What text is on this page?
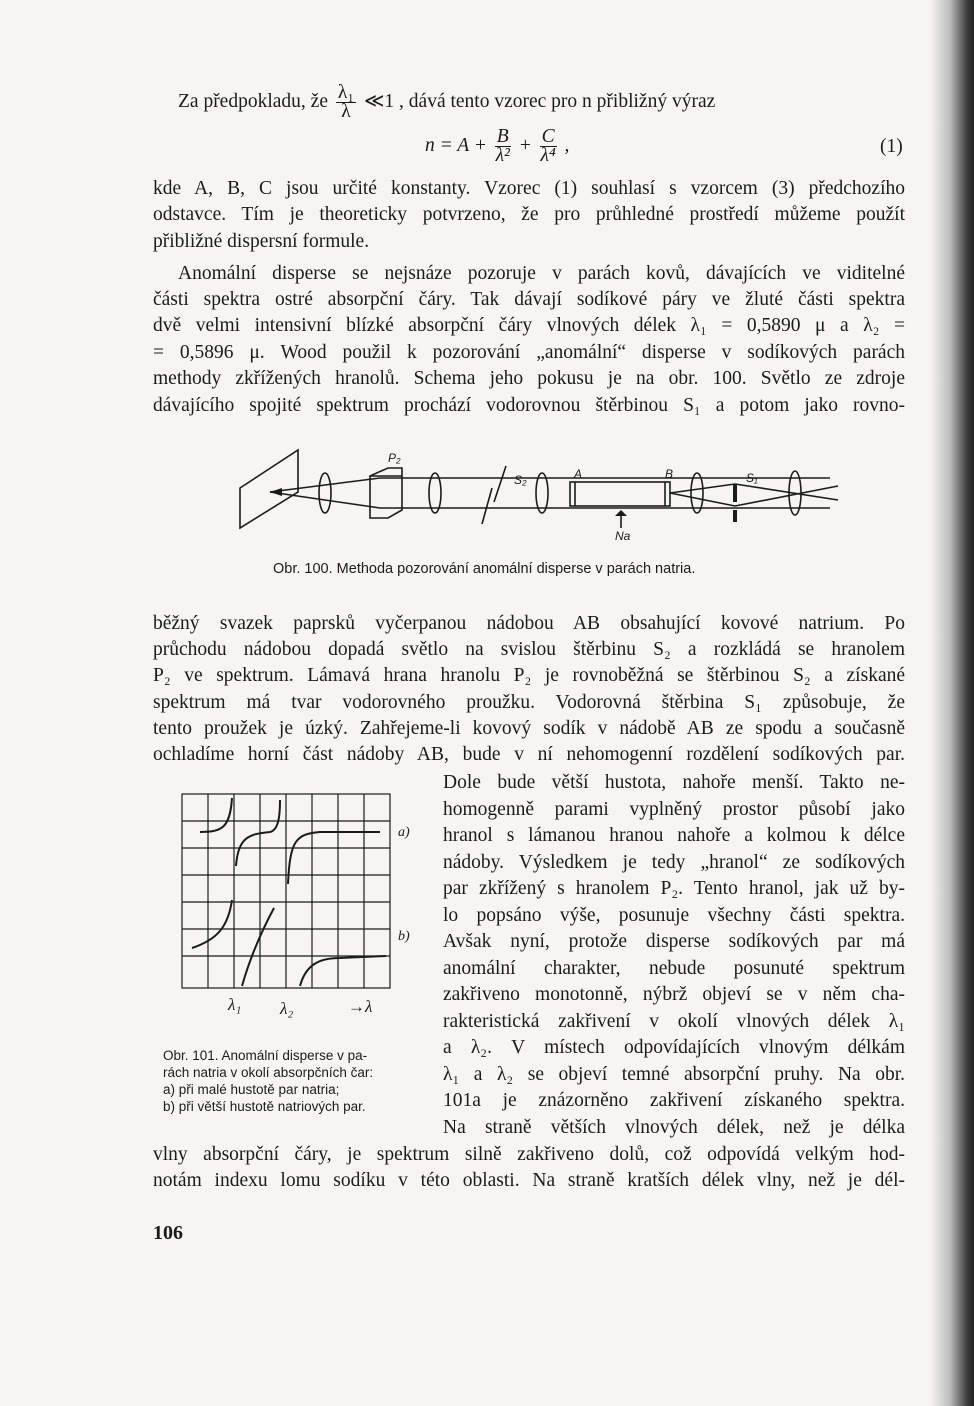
Za předpokladu, že $\frac{\text{λ₁}}{\lambda}$ ≪1 , dává tento vzorec pro n přibližný výraz
$n = A + \frac{B}{\text{λ²}} + \frac{C}{\text{λ⁴}}$ ,	(1)
kde A, B, C jsou určité konstanty. Vzorec (1) souhlasí s vzorcem (3) předchozího
odstavce. Tím je theoreticky potvrzeno, že pro průhledné prostředí můžeme použít
přibližné dispersní formule.
Anomální disperse se nejsnáze pozoruje v parách kovů, dávajících ve viditelné
části spektra ostré absorpční čáry. Tak dávají sodíkové páry ve žluté části spektra
dvě velmi intensivní blízké absorpční čáry vlnových délek λ₁ = 0,5890 μ a λ₂ =
= 0,5896 μ. Wood použil k pozorování „anomální“ disperse v sodíkových parách
methody zkřížených hranolů. Schema jeho pokusu je na obr. 100. Světlo ze zdroje
dávajícího spojité spektrum prochází vodorovnou štěrbinou S₁ a potom jako rovno-
P₂
S₂	A	B	S₁
Na
Obr. 100. Methoda pozorování anomální disperse v parách natria.
běžný svazek paprsků vyčerpanou nádobou AB obsahující kovové natrium. Po
průchodu nádobou dopadá světlo na svislou štěrbinu S₂ a rozkládá se hranolem
P₂ ve spektrum. Lámavá hrana hranolu P₂ je rovnoběžná se štěrbinou S₂ a získané
spektrum má tvar vodorovného proužku. Vodorovná štěrbina S₁ způsobuje, že
tento proužek je úzký. Zahřejeme-li kovový sodík v nádobě AB ze spodu a současně
ochladíme horní část nádoby AB, bude v ní nehomogenní rozdělení sodíkových par.
Dole bude větší hustota, nahoře menší. Takto ne-
homogenně parami vyplněný prostor působí jako
hranol s lámanou hranou nahoře a kolmou k délce
nádoby. Výsledkem je tedy „hranol“ ze sodíkových
par zkřížený s hranolem P₂. Tento hranol, jak už by-
lo popsáno výše, posunuje všechny části spektra.
Avšak nyní, protože disperse sodíkových par má
anomální charakter, nebude posunuté spektrum
zakřiveno monotonně, nýbrž objeví se v něm cha-
rakteristická zakřivení v okolí vlnových délek λ₁
a λ₂. V místech odpovídajících vlnovým délkám
λ₁ a λ₂ se objeví temné absorpční pruhy. Na obr.
101a je znázorněno zakřivení získaného spektra.
Na straně větších vlnových délek, než je délka
a)
b)
λ₁ λ₂	→λ
Obr. 101. Anomální disperse v pa-
rách natria v okolí absorpčních čar:
a) při malé hustotě par natria;
b) při větší hustotě natriových par.
vlny absorpční čáry, je spektrum silně zakřiveno dolů, což odpovídá velkým hod-
notám indexu lomu sodíku v této oblasti. Na straně kratších délek vlny, než je dél-
106
